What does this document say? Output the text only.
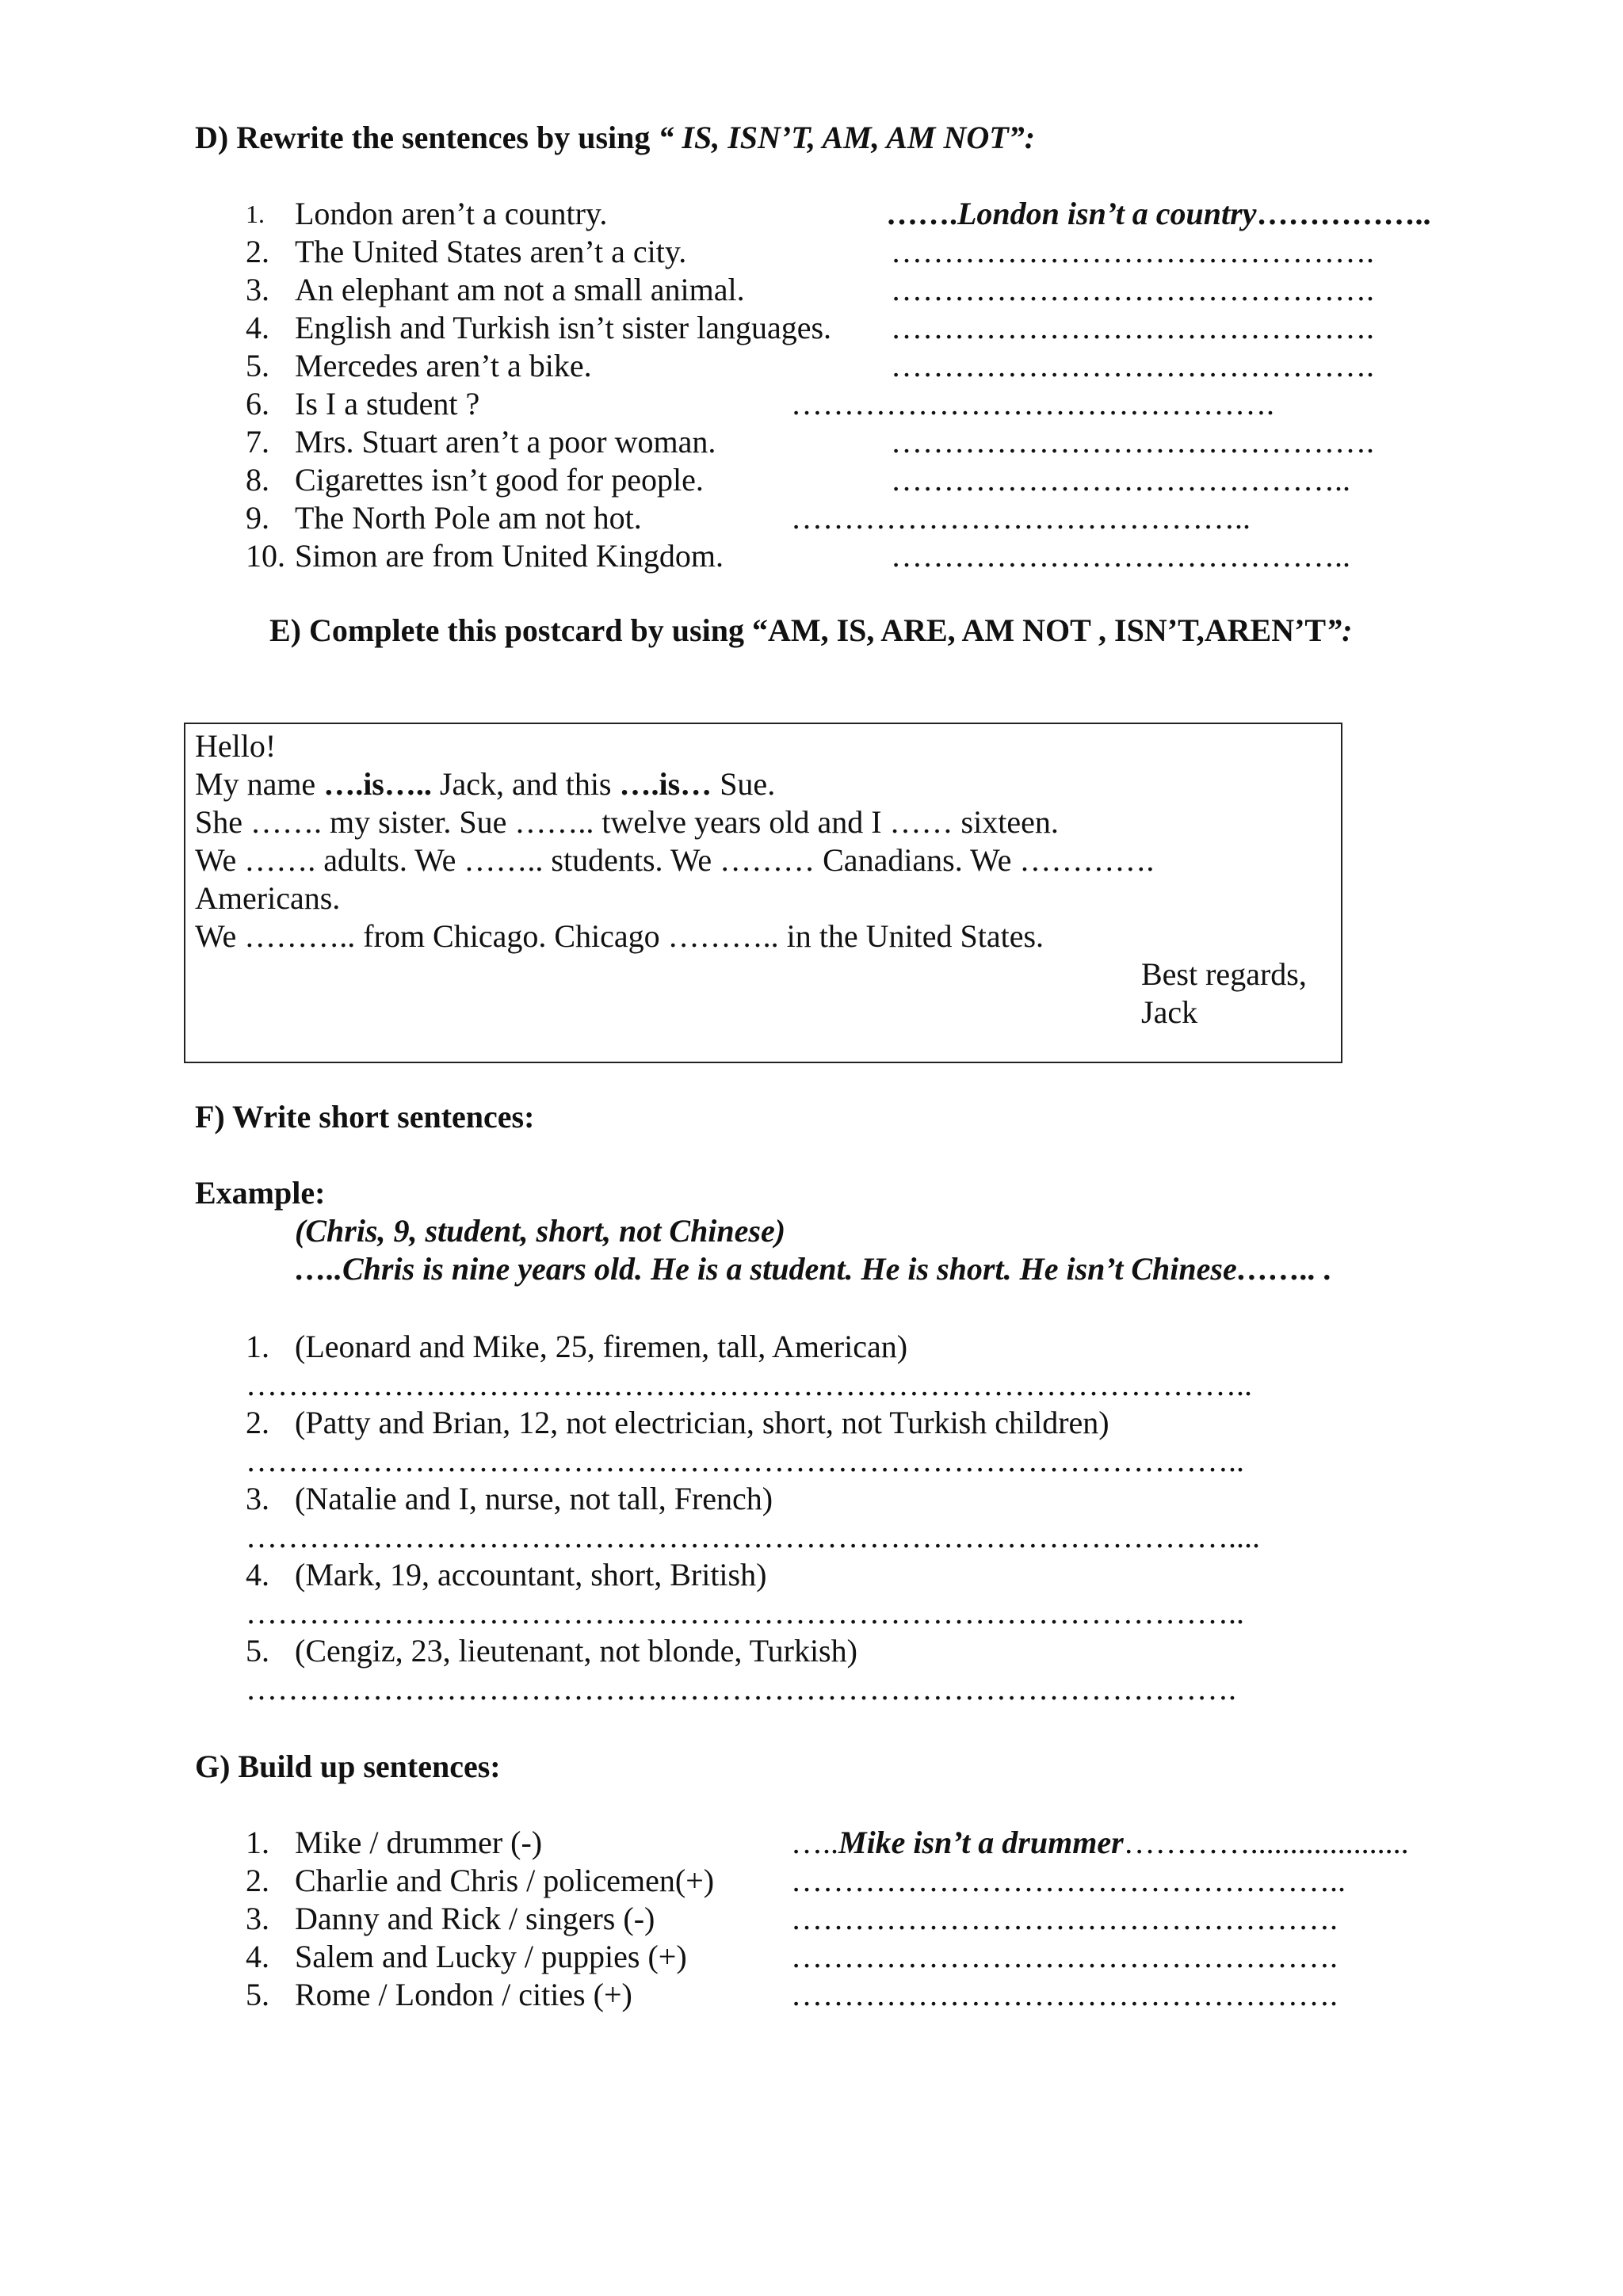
D) Rewrite the sentences by using “ IS, ISN’T, AM, AM NOT”:
1. London aren’t a country.	…….London isn’t a country……………..
2. The United States aren’t a city.	……………………………………….
3. An elephant am not a small animal.	……………………………………….
4. English and Turkish isn’t sister languages. ……………………………………….
5. Mercedes aren’t a bike.	……………………………………….
6. Is I a student ?	……………………………………….
7. Mrs. Stuart aren’t a poor woman.	……………………………………….
8. Cigarettes isn’t good for people.	……………………………………..
9. The North Pole am not hot.	……………………………………..
10. Simon are from United Kingdom.	……………………………………..
E) Complete this postcard by using “AM, IS, ARE, AM NOT , ISN’T,AREN’T”:
Hello!
My name ….is….. Jack, and this ….is… Sue.
She ……. my sister. Sue …….. twelve years old and I …… sixteen.
We ……. adults. We …….. students. We ……… Canadians. We ………….
Americans.
We ……….. from Chicago. Chicago ……….. in the United States.
Best regards,
Jack
F) Write short sentences:
Example:
(Chris, 9, student, short, not Chinese)
…..Chris is nine years old. He is a student. He is short. He isn’t Chinese…….. .
1. (Leonard and Mike, 25, firemen, tall, American)
…………………………….……………………………………………………..
2. (Patty and Brian, 12, not electrician, short, not Turkish children)
…………………………………………………………………………………..
3. (Natalie and I, nurse, not tall, French)
…………………………………………………………………………………....
4. (Mark, 19, accountant, short, British)
…………………………………………………………………………………..
5. (Cengiz, 23, lieutenant, not blonde, Turkish)
………………………………………………………………………………….
G) Build up sentences:
1. Mike / drummer (-)	…..Mike isn’t a drummer…………....................
2. Charlie and Chris / policemen(+) ……………………………………………..
3. Danny and Rick / singers (-)	…………………………………………….
4. Salem and Lucky / puppies (+)	…………………………………………….
5. Rome / London / cities (+)	…………………………………………….
